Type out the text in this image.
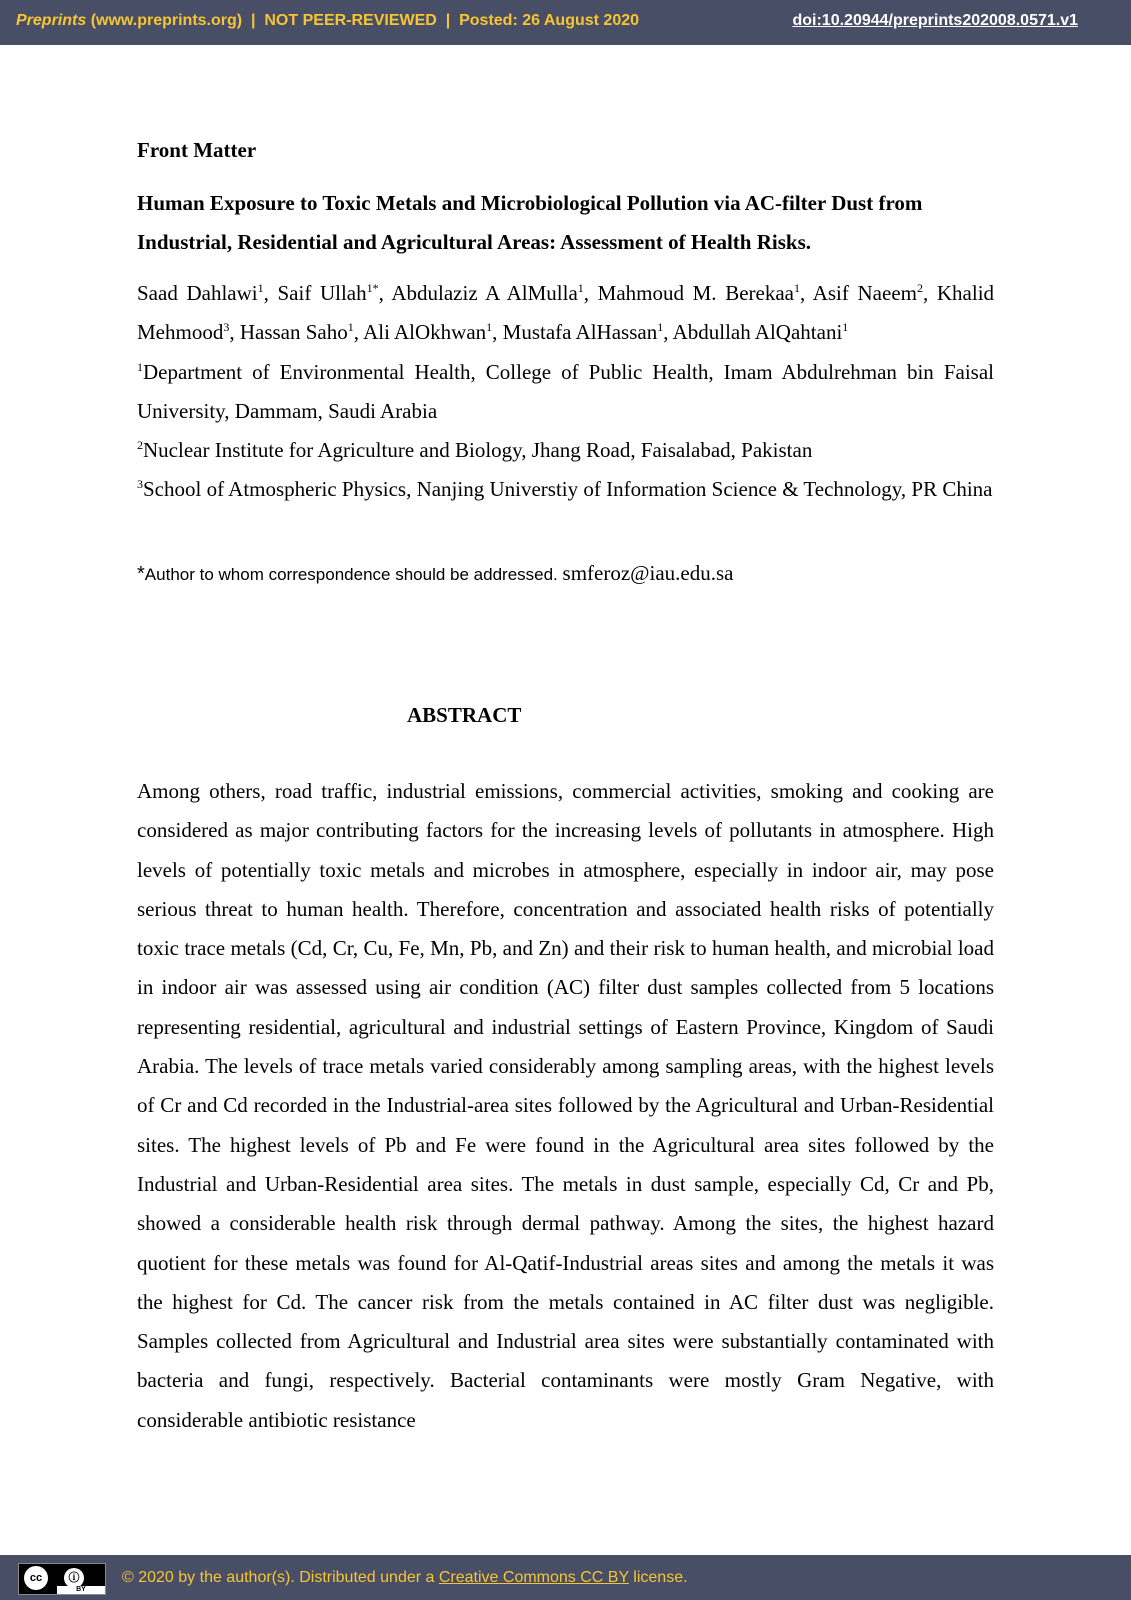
Preprints (www.preprints.org)  |  NOT PEER-REVIEWED  |  Posted: 26 August 2020	doi:10.20944/preprints202008.0571.v1

Front Matter

Human Exposure to Toxic Metals and Microbiological Pollution via AC-filter Dust from Industrial, Residential and Agricultural Areas: Assessment of Health Risks.

Saad Dahlawi$^1$, Saif Ullah$^{1*}$, Abdulaziz A AlMulla$^1$, Mahmoud M. Berekaa$^1$, Asif Naeem$^2$, Khalid Mehmood$^3$, Hassan Saho$^1$, Ali AlOkhwan$^1$, Mustafa AlHassan$^1$, Abdullah AlQahtani$^1$

$^1$Department of Environmental Health, College of Public Health, Imam Abdulrehman bin Faisal University, Dammam, Saudi Arabia

$^2$Nuclear Institute for Agriculture and Biology, Jhang Road, Faisalabad, Pakistan

$^3$School of Atmospheric Physics, Nanjing Universtiy of Information Science & Technology, PR China

*Author to whom correspondence should be addressed. smferoz@iau.edu.sa

ABSTRACT

Among others, road traffic, industrial emissions, commercial activities, smoking and cooking are considered as major contributing factors for the increasing levels of pollutants in atmosphere. High levels of potentially toxic metals and microbes in atmosphere, especially in indoor air, may pose serious threat to human health. Therefore, concentration and associated health risks of potentially toxic trace metals (Cd, Cr, Cu, Fe, Mn, Pb, and Zn) and their risk to human health, and microbial load in indoor air was assessed using air condition (AC) filter dust samples collected from 5 locations representing residential, agricultural and industrial settings of Eastern Province, Kingdom of Saudi Arabia. The levels of trace metals varied considerably among sampling areas, with the highest levels of Cr and Cd recorded in the Industrial-area sites followed by the Agricultural and Urban-Residential sites. The highest levels of Pb and Fe were found in the Agricultural area sites followed by the Industrial and Urban-Residential area sites. The metals in dust sample, especially Cd, Cr and Pb, showed a considerable health risk through dermal pathway. Among the sites, the highest hazard quotient for these metals was found for Al-Qatif-Industrial areas sites and among the metals it was the highest for Cd. The cancer risk from the metals contained in AC filter dust was negligible. Samples collected from Agricultural and Industrial area sites were substantially contaminated with bacteria and fungi, respectively. Bacterial contaminants were mostly Gram Negative, with considerable antibiotic resistance

cc	ⓘ
BY
© 2020 by the author(s). Distributed under a Creative Commons CC BY license.
